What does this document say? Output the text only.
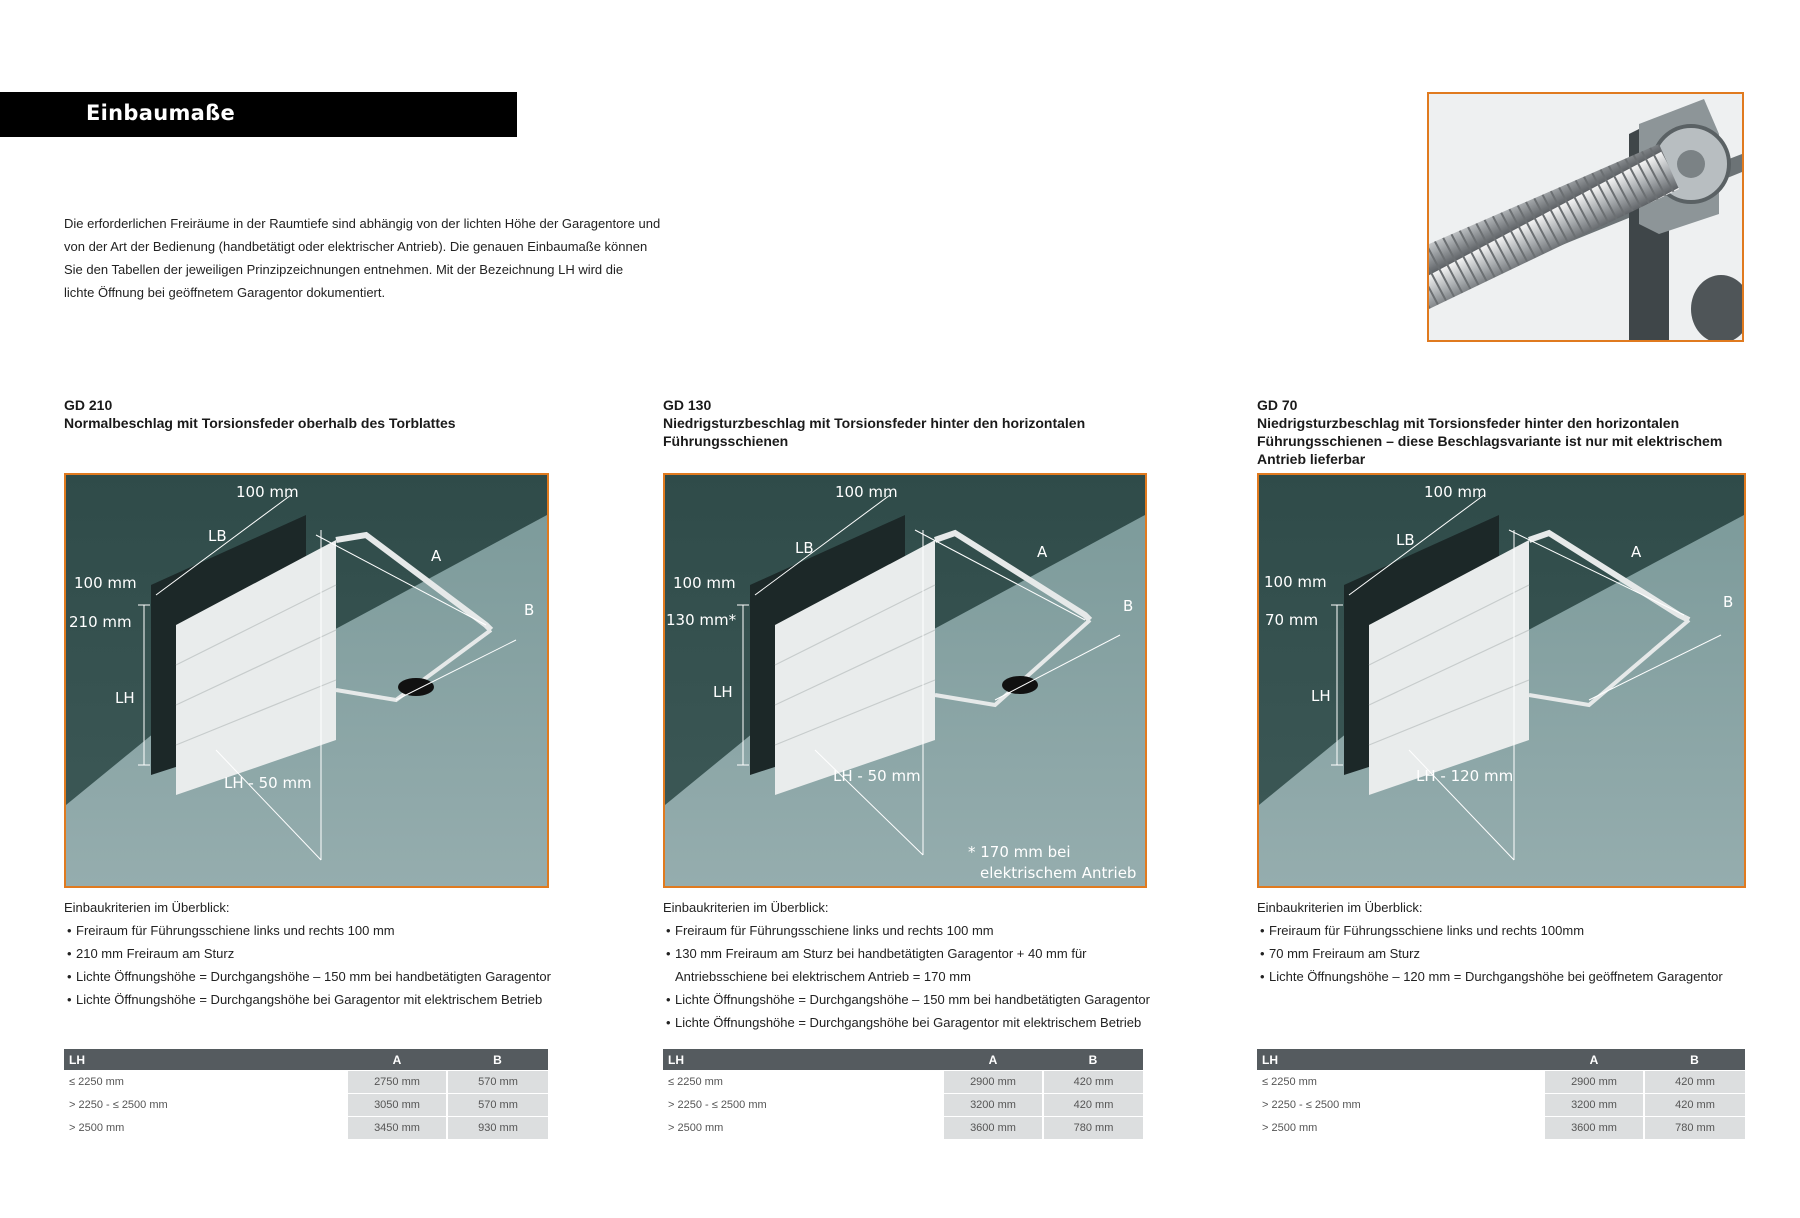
Einbaumaße

Die erforderlichen Freiräume in der Raumtiefe sind abhängig von der lichten Höhe der Garagentore und

von der Art der Bedienung (handbetätigt oder elektrischer Antrieb). Die genauen Einbaumaße können

Sie den Tabellen der jeweiligen Prinzipzeichnungen entnehmen. Mit der Bezeichnung LH wird die

lichte Öffnung bei geöffnetem Garagentor dokumentiert.

GD 210
Normalbeschlag mit Torsionsfeder oberhalb des Torblattes
100 mm
LB
A
B
100 mm
210 mm
LH
LH - 50 mm

Einbaukriterien im Überblick:

• Freiraum für Führungsschiene links und rechts 100 mm
• 210 mm Freiraum am Sturz
• Lichte Öffnungshöhe = Durchgangshöhe – 150 mm bei handbetätigten Garagentor
• Lichte Öffnungshöhe = Durchgangshöhe bei Garagentor mit elektrischem Betrieb
LH	A	B
≤ 2250 mm	2750 mm	570 mm
> 2250 - ≤ 2500 mm	3050 mm	570 mm
> 2500 mm	3450 mm	930 mm
GD 130
Niedrigsturzbeschlag mit Torsionsfeder hinter den horizontalen
Führungsschienen
100 mm
LB	A
B
100 mm
130 mm*
LH
LH - 50 mm
* 170 mm bei
elektrischem Antrieb

Einbaukriterien im Überblick:

• Freiraum für Führungsschiene links und rechts 100 mm
• 130 mm Freiraum am Sturz bei handbetätigten Garagentor + 40 mm für
Antriebsschiene bei elektrischem Antrieb = 170 mm
• Lichte Öffnungshöhe = Durchgangshöhe – 150 mm bei handbetätigten Garagentor
• Lichte Öffnungshöhe = Durchgangshöhe bei Garagentor mit elektrischem Betrieb
LH	A	B
≤ 2250 mm	2900 mm	420 mm
> 2250 - ≤ 2500 mm	3200 mm	420 mm
> 2500 mm	3600 mm	780 mm
GD 70
Niedrigsturzbeschlag mit Torsionsfeder hinter den horizontalen
Führungsschienen – diese Beschlagsvariante ist nur mit elektrischem
Antrieb lieferbar
100 mm
LB
A
B
100 mm
70 mm
LH
LH - 120 mm

Einbaukriterien im Überblick:

• Freiraum für Führungsschiene links und rechts 100mm
• 70 mm Freiraum am Sturz
• Lichte Öffnungshöhe – 120 mm = Durchgangshöhe bei geöffnetem Garagentor
LH	A	B
≤ 2250 mm	2900 mm	420 mm
> 2250 - ≤ 2500 mm	3200 mm	420 mm
> 2500 mm	3600 mm	780 mm
